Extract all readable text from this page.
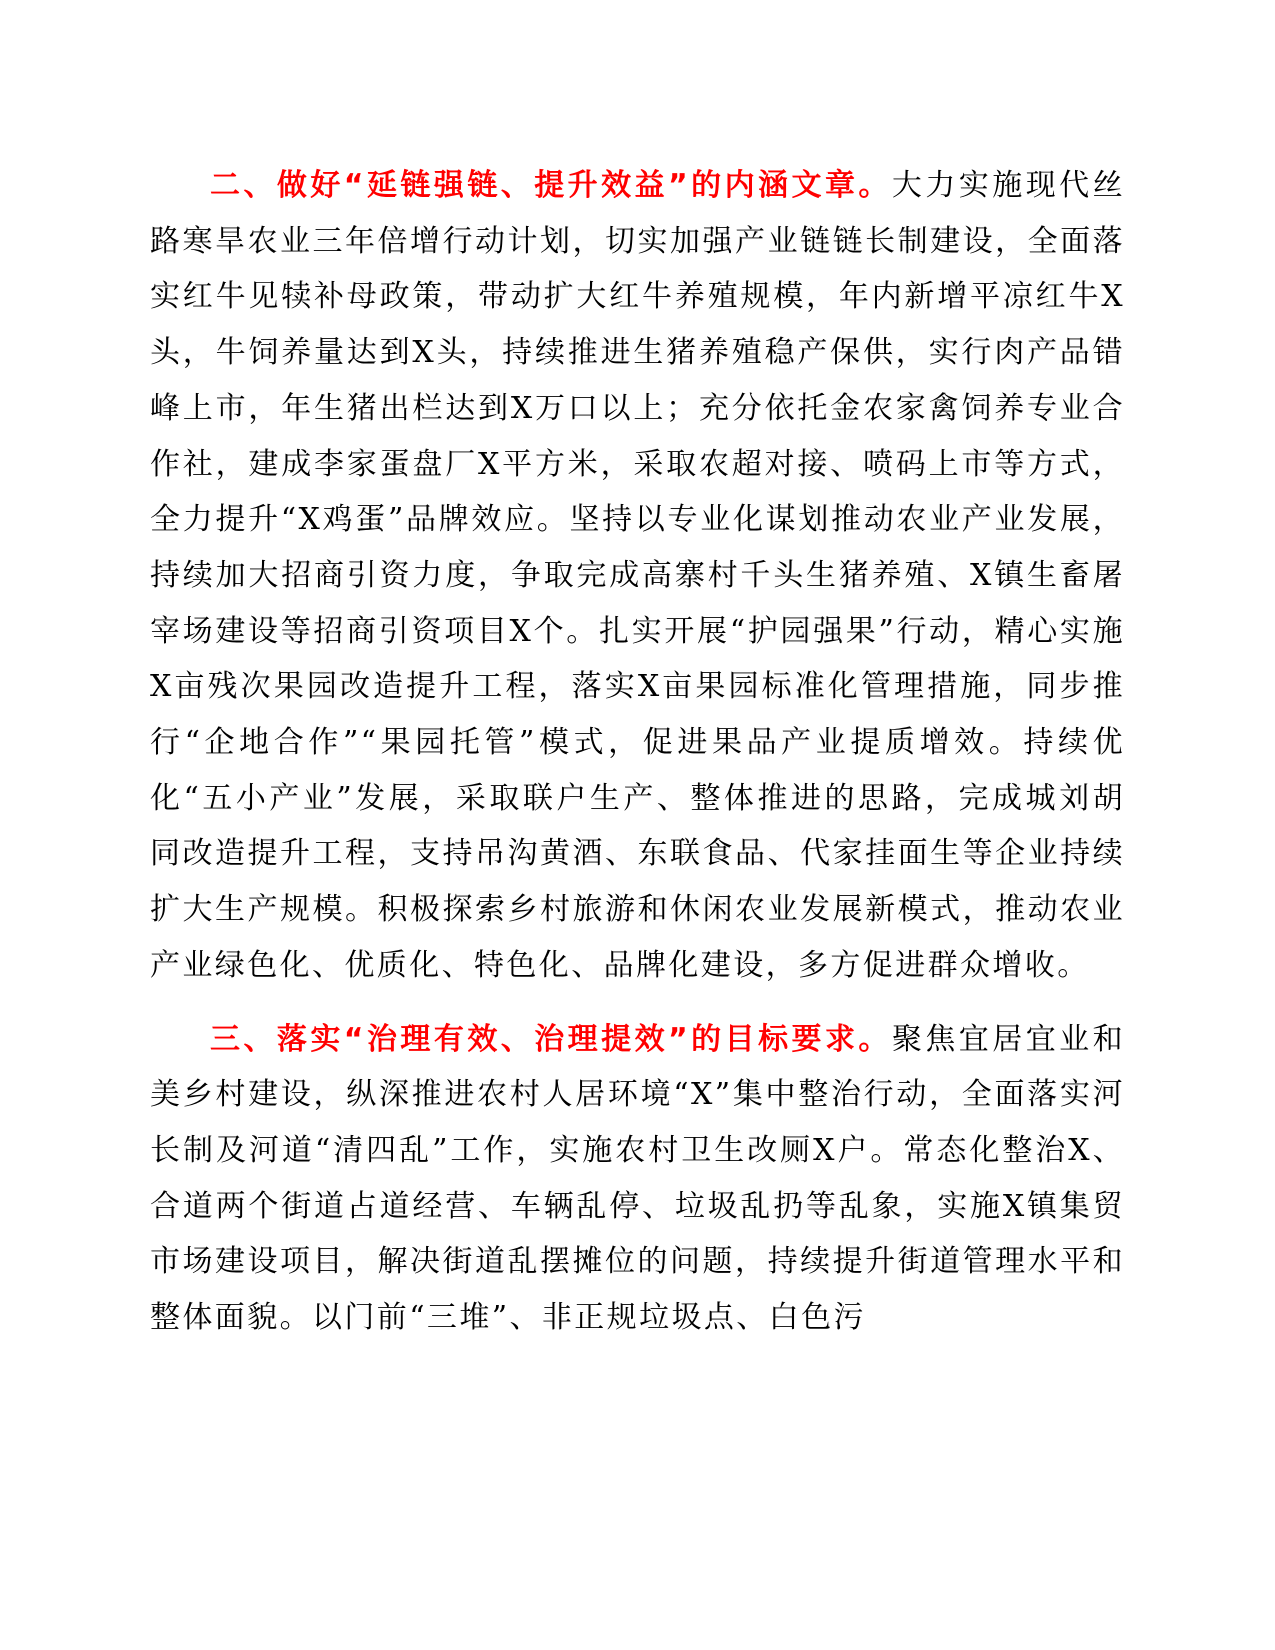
二、做好“延链强链、提升效益”的内涵文章。大力实施现代丝路寒旱农业三年倍增行动计划，切实加强产业链链长制建设，全面落实红牛见犊补母政策，带动扩大红牛养殖规模，年内新增平凉红牛X头，牛饲养量达到X头，持续推进生猪养殖稳产保供，实行肉产品错峰上市，年生猪出栏达到X万口以上；充分依托金农家禽饲养专业合作社，建成李家蛋盘厂X平方米，采取农超对接、喷码上市等方式，全力提升“X鸡蛋”品牌效应。坚持以专业化谋划推动农业产业发展，持续加大招商引资力度，争取完成高寨村千头生猪养殖、X镇生畜屠宰场建设等招商引资项目X个。扎实开展“护园强果”行动，精心实施X亩残次果园改造提升工程，落实X亩果园标准化管理措施，同步推行“企地合作”“果园托管”模式，促进果品产业提质增效。持续优化“五小产业”发展，采取联户生产、整体推进的思路，完成城刘胡同改造提升工程，支持吊沟黄酒、东联食品、代家挂面生等企业持续扩大生产规模。积极探索乡村旅游和休闲农业发展新模式，推动农业产业绿色化、优质化、特色化、品牌化建设，多方促进群众增收。

三、落实“治理有效、治理提效”的目标要求。聚焦宜居宜业和美乡村建设，纵深推进农村人居环境“X”集中整治行动，全面落实河长制及河道“清四乱”工作，实施农村卫生改厕X户。常态化整治X、合道两个街道占道经营、车辆乱停、垃圾乱扔等乱象，实施X镇集贸市场建设项目，解决街道乱摆摊位的问题，持续提升街道管理水平和整体面貌。以门前“三堆”、非正规垃圾点、白色污
